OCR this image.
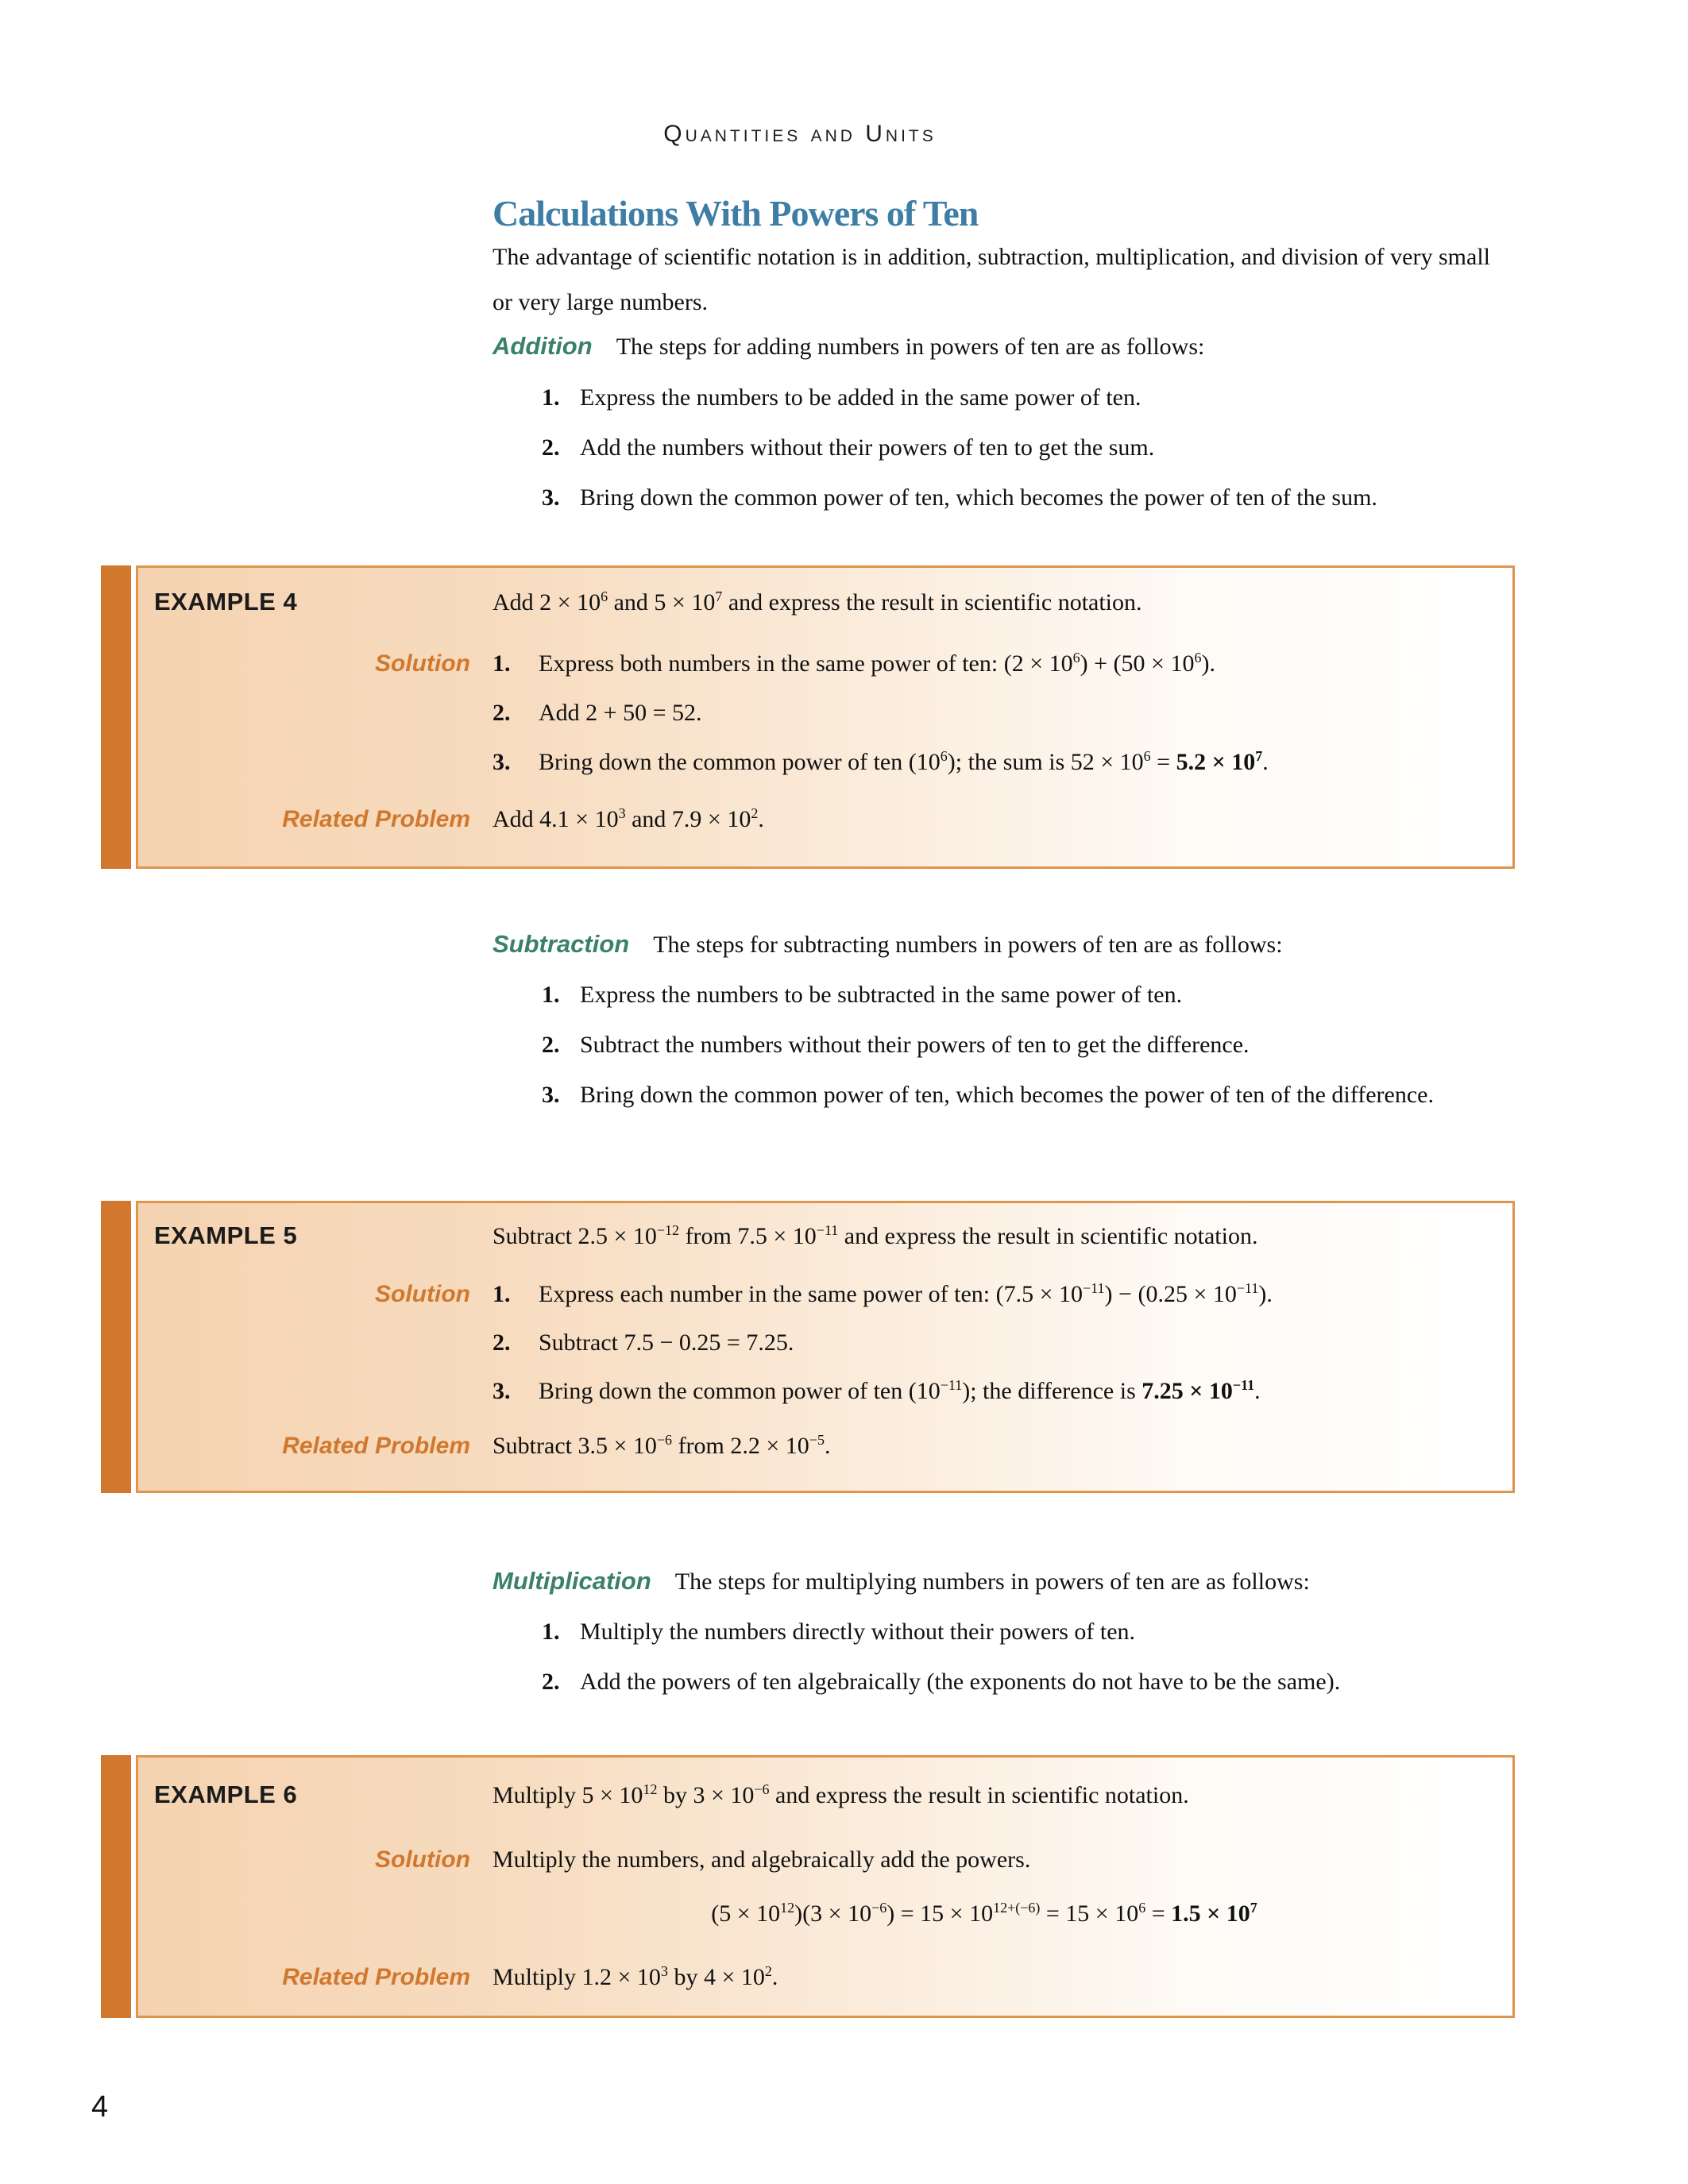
Quantities and Units
Calculations With Powers of Ten

The advantage of scientific notation is in addition, subtraction, multiplication, and division of very small or very large numbers.

Addition The steps for adding numbers in powers of ten are as follows:
1. Express the numbers to be added in the same power of ten.
2. Add the numbers without their powers of ten to get the sum.
3. Bring down the common power of ten, which becomes the power of ten of the sum.
EXAMPLE 4	Add $2 \times 10^6$ and $5 \times 10^7$ and express the result in scientific notation.
Solution 1.	Express both numbers in the same power of ten: $(2 \times 10^6) + (50 \times 10^6)$.
2.	Add 2 + 50 = 52.
3.	Bring down the common power of ten $(10^6)$; the sum is $52 \times 10^6 = 5.2 \times 10^7$.
Related Problem Add $4.1 \times 10^3$ and $7.9 \times 10^2$.
Subtraction The steps for subtracting numbers in powers of ten are as follows:
1. Express the numbers to be subtracted in the same power of ten.
2. Subtract the numbers without their powers of ten to get the difference.
3. Bring down the common power of ten, which becomes the power of ten of the difference.
EXAMPLE 5	Subtract $2.5 \times 10^{-12}$ from $7.5 \times 10^{-11}$ and express the result in scientific notation.
Solution 1.	Express each number in the same power of ten: $(7.5 \times 10^{-11}) - (0.25 \times 10^{-11})$.
2.	Subtract 7.5 − 0.25 = 7.25.
3.	Bring down the common power of ten $(10^{-11})$; the difference is $7.25 \times 10^{-11}$.
Related Problem Subtract $3.5 \times 10^{-6}$ from $2.2 \times 10^{-5}$.
Multiplication The steps for multiplying numbers in powers of ten are as follows:
1. Multiply the numbers directly without their powers of ten.
2. Add the powers of ten algebraically (the exponents do not have to be the same).
EXAMPLE 6	Multiply $5 \times 10^{12}$ by $3 \times 10^{-6}$ and express the result in scientific notation.
Solution Multiply the numbers, and algebraically add the powers.
$(5 \times 10^{12})(3 \times 10^{-6}) = 15 \times 10^{12+(-6)} = 15 \times 10^6 = 1.5 \times 10^7$
Related Problem Multiply $1.2 \times 10^3$ by $4 \times 10^2$.
4
